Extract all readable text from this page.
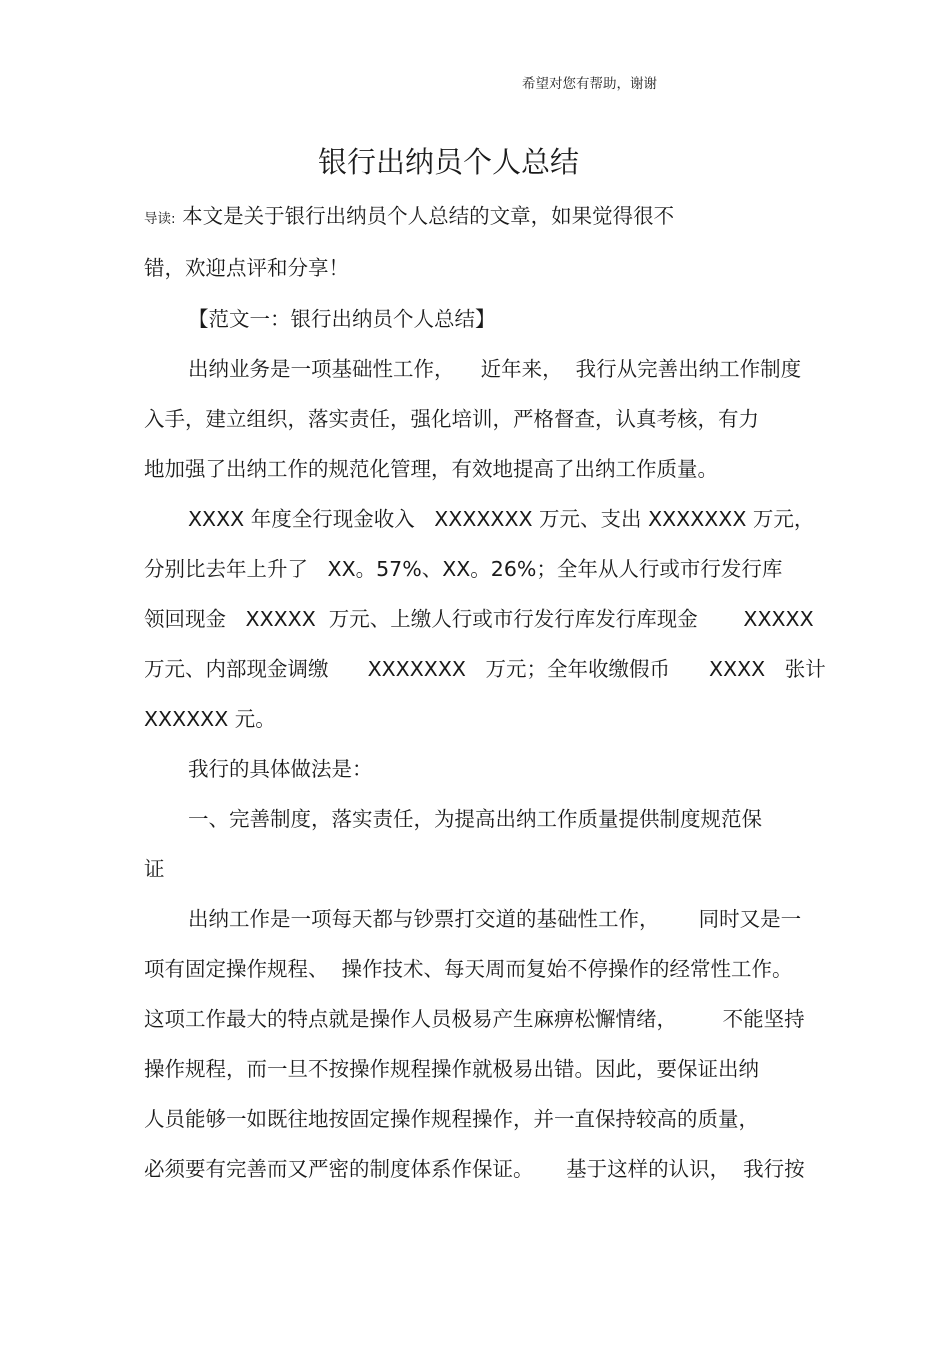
希望对您有帮助，谢谢
银行出纳员个人总结
导读: 本文是关于银行出纳员个人总结的文章，如果觉得很不
错，欢迎点评和分享！
【范文一：银行出纳员个人总结】
出纳业务是一项基础性工作，    近年来，  我行从完善出纳工作制度
入手，建立组织，落实责任，强化培训，严格督查，认真考核，有力
地加强了出纳工作的规范化管理，有效地提高了出纳工作质量。
XXXX 年度全行现金收入   XXXXXXX 万元、支出 XXXXXXX 万元，
分别比去年上升了   XX。57%、XX。26%；全年从人行或市行发行库
领回现金   XXXXX  万元、上缴人行或市行发行库发行库现金       XXXXX
万元、内部现金调缴      XXXXXXX   万元；全年收缴假币      XXXX   张计
XXXXXX 元。
我行的具体做法是：
一、完善制度，落实责任，为提高出纳工作质量提供制度规范保
证
出纳工作是一项每天都与钞票打交道的基础性工作，      同时又是一
项有固定操作规程、  操作技术、每天周而复始不停操作的经常性工作。
这项工作最大的特点就是操作人员极易产生麻痹松懈情绪，       不能坚持
操作规程，而一旦不按操作规程操作就极易出错。因此，要保证出纳
人员能够一如既往地按固定操作规程操作，并一直保持较高的质量，
必须要有完善而又严密的制度体系作保证。     基于这样的认识，  我行按
